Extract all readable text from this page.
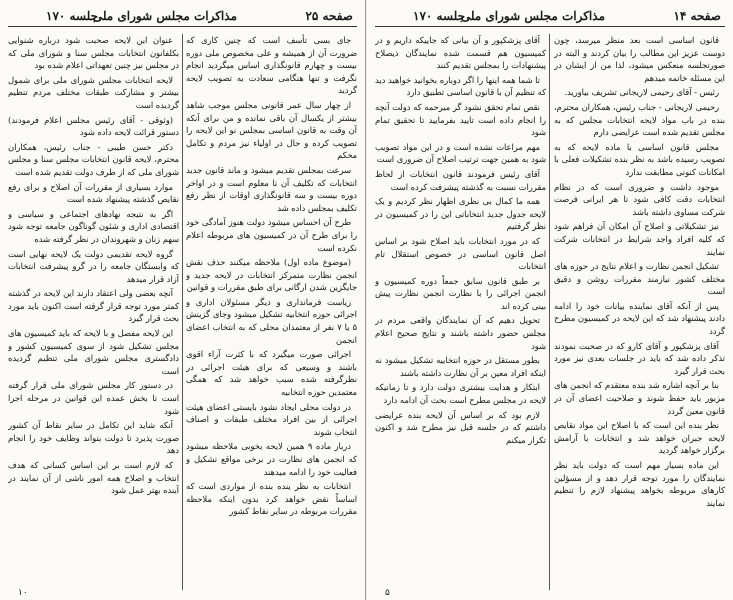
صفحه ۲۵
مذاکرات مجلس شورای ملی
جلسه ۱۷۰

جای بسی تأسف است که چنین کاری که ضرورت آن از همیشه و علی مخصوص ملی دوره بیست و چهارم قانونگذاری اساس میگردید انجام نگرفت و تنها هنگامی سعادت به تصویب لایحه گردید

از چهار سال عمر قانونی مجلس موجب شاهد بیشتر از یکسال آن باقی نمانده و من برای آنکه آن وقت به قانون اساسی بمجلس نو این لایحه را تصویب کرده و حال در اولیاء نیز مردم و تکامل محکم

سرعت بمجلس تقدیم میشود و ماند قانون جدید انتخابات که تکلیف آن تا معلوم است و در اواخر دوره بیست و سه قانونگذاری اوقات از نظر رفع تکلیف بمجلس داده شد

طرح آن احساس میشود دولت هنوز آمادگی خود را برای طرح آن در کمیسیون های مربوطه اعلام نکرده است

(موضوع ماده اول) ملاحظه میکنند حذف نقش انجمن نظارت متمرکز انتخابات در لایحه جدید و جایگزین شدن ارگانی برای طبق مقررات و قوانین

زیاست فرمانداری و دیگر مسئولان اداری و اجرائی حوزه انتخابیه تشکیل میشود وجای گزینش ۵ یا ۷ نفر از معتمدان محلی که به انتخاب اعضای انجمن

اجرائی صورت میگیرد که با کثرت آراء اقوی باشند و وسیعی که برای هیئت اجرائی در نظرگرفته شده سبب خواهد شد که همگی معتمدین حوزه انتخابیه

در دولت محلی ایجاد نشود بایستی اعضای هیئت اجرائی از بین افراد مختلف طبقات و اصناف انتخاب شوند

دربار ماده ۹ همین لایحه بخوبی ملاحظه میشود که انجمن های نظارت در برخی مواقع تشکیل و فعالیت خود را ادامه میدهند

انتخابات به نظر ینده بنده از مواردی است که اساساً نقض خواهد کرد بدون اینکه ملاحظه مقررات مربوطه در سایر نقاط کشور

عنوان این لایحه صحبت شود درباره شنوایی بکلفانون انتخابات مجلس سنا و شورای ملی که در مجلس نیز چنین تعهداتی اعلام شده بود

لایحه انتخابات مجلس شورای ملی برای شمول بیشتر و مشارکت طبقات مختلف مردم تنظیم گردیده است

(وثوقی - آقای رئیس مجلس اعلام فرمودند) دستور قرائت لایحه داده شود

دکتر حسن طیبی - جناب رئیس، همکاران محترم، لایحه قانون انتخابات مجلس سنا و مجلس شورای ملی که از طرف دولت تقدیم شده است

موارد بسیاری از مقررات آن اصلاح و برای رفع نقایص گذشته پیشنهاد شده است

اگر به نتیجه نهادهای اجتماعی و سیاسی و اقتصادی اداری و شئون گوناگون جامعه توجه شود سهم زنان و شهروندان در نظر گرفته شده

گروه لایحه تقدیمی دولت یک لایحه نهایی است که وابستگان جامعه را در گرو پیشرفت انتخابات آزاد قرار میدهد

آنچه بعضی ولی اعتقاد دارند این لایحه در گذشته کمتر مورد توجه قرار گرفته است اکنون باید مورد بحث قرار گیرد

این لایحه مفصل و با لایحه که باید کمیسیون های مجلس تشکیل شود از سوی کمیسیون کشور و دادگستری مجلس شورای ملی تنظیم گردیده است

در دستور کار مجلس شورای ملی قرار گرفته است تا بخش عمده این قوانین در مرحله اجرا شود

آنکه شاید این تکامل در سایر نقاط آن کشور صورت پذیرد تا دولت بتواند وظایف خود را انجام دهد

که لازم است بر این اساس کسانی که هدف انتخاب و اصلاح همه امور ناشی از آن نمایند در آینده بهتر عمل شود

۱۰
صفحه ۱۴
مذاکرات مجلس شورای ملی
جلسه ۱۷۰

قانون اساسی است بعد منظر میرسد، چون دوست عزیز این مطالب را بیان کردند و البته در صورتجلسه منعکس میشود، لذا من از ایشان در این مسئله خاتمه میدهم

رئیس - آقای رحیمی لاریجانی تشریف بیاورید.

رحیمی لاریجانی - جناب رئیس، همکاران محترم، بنده در باب مواد لایحه انتخابات مجلس که به مجلس تقدیم شده است عرایضی دارم

مجلس قانون اساسی با ماده لایحه که به تصویب رسیده باشد به نظر بنده تشکیلات فعلی با امکانات کنونی مطابقت ندارد

موجود داشت و ضروری است که در نظام انتخابات دقت کافی شود تا هر ایرانی فرصت شرکت مساوی داشته باشد

نیز تشکیلاتی و اصلاح آن امکان آن فراهم شود که کلیه افراد واجد شرایط در انتخابات شرکت نمایند

تشکیل انجمن نظارت و اعلام نتایج در حوزه های مختلف کشور نیازمند مقررات روشن و دقیق است

پس از آنکه آقای نماینده بیانات خود را ادامه دادند پیشنهاد شد که این لایحه در کمیسیون مطرح گردد

آقای پزشکپور و آقای کارو که در صحبت نمودند تذکر داده شد که باید در جلسات بعدی نیز مورد بحث قرار گیرد

بنا بر آنچه اشاره شد بنده معتقدم که انجمن های مزبور باید حفظ شوند و صلاحیت اعضای آن در قانون معین گردد

نظر بنده این است که با اصلاح این مواد نقایص لایحه جبران خواهد شد و انتخابات با آرامش برگزار خواهد گردید

این ماده بسیار مهم است که دولت باید نظر نمایندگان را مورد توجه قرار دهد و از مسؤلین کارهای مربوطه بخواهد پیشنهاد لازم را تنظیم نمایند

آقای پزشکپور و آن بیانی که جاییکه داریم و در کمیسیون هم قسمت شده نمایندگان ذیصلاح پیشنهادات را بمجلس تقدیم کنند

تا شما همه اینها را اگر دوباره بخوانید خواهید دید که تنظیم آن با قانون اساسی تطبیق دارد

نقص تمام تحقق نشود گر میرحمه که دولت آنچه را انجام داده است تایید بفرمایید تا تحقیق تمام شود

مهم مراعات نشده است و در این مواد تصویب شود به همین جهت ترتیب اصلاح آن ضروری است

آقای رئیس فرمودند قانون انتخابات از لحاظ مقررات نسبت به گذشته پیشرفت کرده است

همه ما کمال بی نظری اظهار نظر کردیم و یک لایحه جدول جدید انتخاباتی این را در کمیسیون در نظر گرفتیم

که در مورد انتخابات باید اصلاح شود بر اساس اصل قانون اساسی در خصوص استقلال تام انتخابات

بر طبق قانون سابق جمعاً دوره کمیسیون و انجمن اجرائی را با نظارت انجمن نظارت پیش بینی کرده اند

تحویل دهیم که آن نمایندگان واقعی مردم در مجلس حضور داشته باشند و نتایج صحیح اعلام شود

بطور مستقل در حوزه انتخابیه تشکیل میشود نه اینکه افراد معین بر آن نظارت داشته باشند

ابتکار و هدایت بیشتری دولت دارد و تا زمانیکه لایحه در مجلس مطرح است بحث آن ادامه دارد

لازم بود که بر اساس آن لایحه بنده عرایضی داشتم که در جلسه قبل نیز مطرح شد و اکنون تکرار میکنم

۵
